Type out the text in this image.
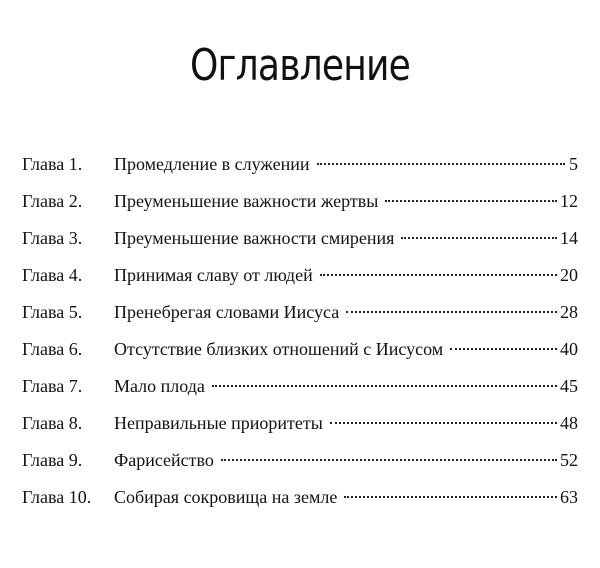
Оглавление
Глава 1.	Промедление в служении	5
Глава 2.	Преуменьшение важности жертвы	12
Глава 3.	Преуменьшение важности смирения	14
Глава 4.	Принимая славу от людей	20
Глава 5.	Пренебрегая словами Иисуса	28
Глава 6.	Отсутствие близких отношений с Иисусом	40
Глава 7.	Мало плода	45
Глава 8.	Неправильные приоритеты	48
Глава 9.	Фарисейство	52
Глава 10.	Собирая сокровища на земле	63
